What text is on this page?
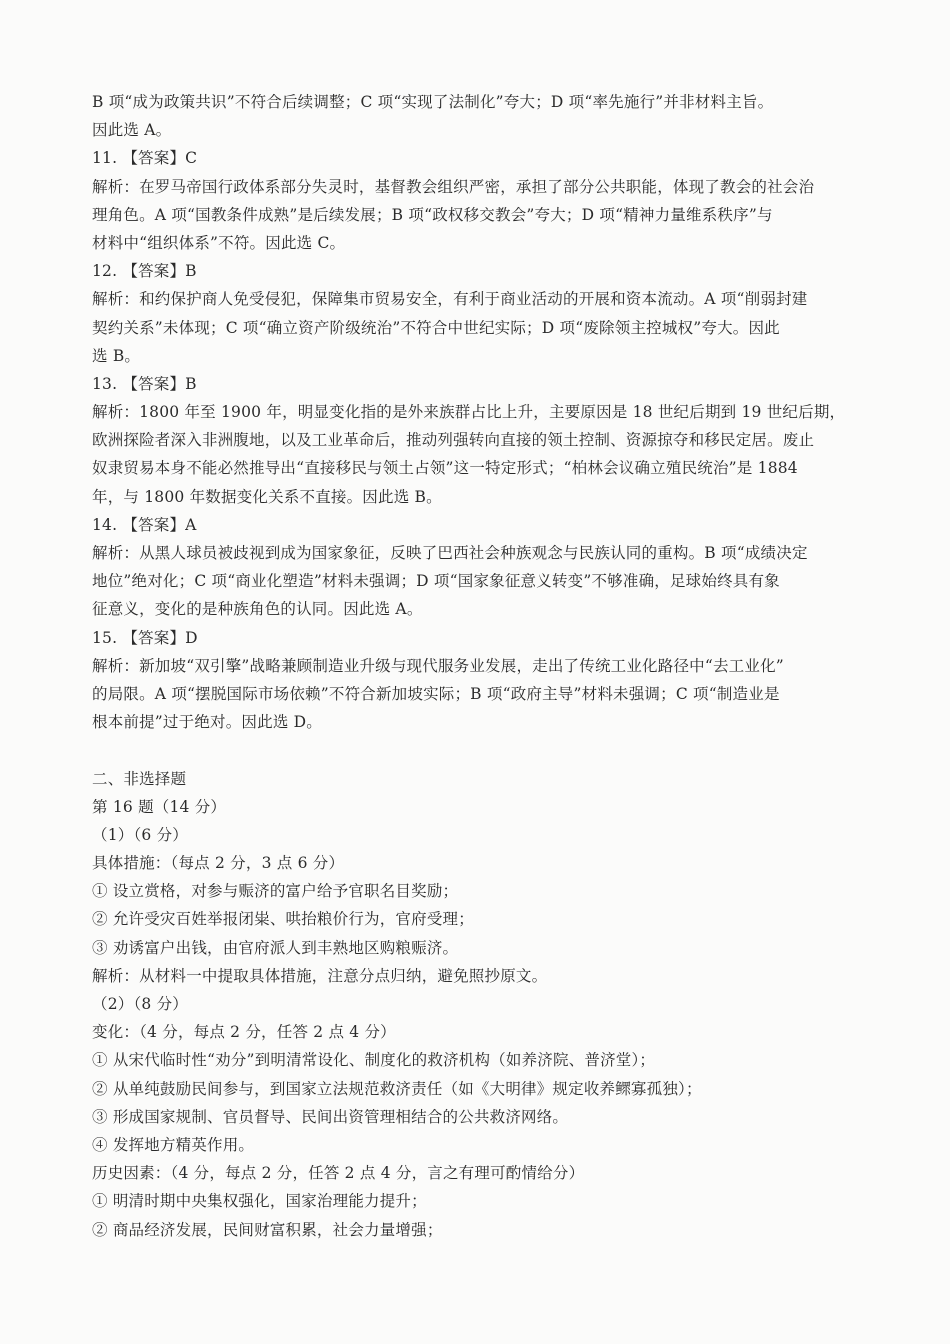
B 项“成为政策共识”不符合后续调整；C 项“实现了法制化”夸大；D 项“率先施行”并非材料主旨。
因此选 A。
11. 【答案】C
解析：在罗马帝国行政体系部分失灵时，基督教会组织严密，承担了部分公共职能，体现了教会的社会治
理角色。A 项“国教条件成熟”是后续发展；B 项“政权移交教会”夸大；D 项“精神力量维系秩序”与
材料中“组织体系”不符。因此选 C。
12. 【答案】B
解析：和约保护商人免受侵犯，保障集市贸易安全，有利于商业活动的开展和资本流动。A 项“削弱封建
契约关系”未体现；C 项“确立资产阶级统治”不符合中世纪实际；D 项“废除领主控城权”夸大。因此
选 B。
13. 【答案】B
解析：1800 年至 1900 年，明显变化指的是外来族群占比上升，主要原因是 18 世纪后期到 19 世纪后期，
欧洲探险者深入非洲腹地，以及工业革命后，推动列强转向直接的领土控制、资源掠夺和移民定居。废止
奴隶贸易本身不能必然推导出“直接移民与领土占领”这一特定形式；“柏林会议确立殖民统治”是 1884
年，与 1800 年数据变化关系不直接。因此选 B。
14. 【答案】A
解析：从黑人球员被歧视到成为国家象征，反映了巴西社会种族观念与民族认同的重构。B 项“成绩决定
地位”绝对化；C 项“商业化塑造”材料未强调；D 项“国家象征意义转变”不够准确，足球始终具有象
征意义，变化的是种族角色的认同。因此选 A。
15. 【答案】D
解析：新加坡“双引擎”战略兼顾制造业升级与现代服务业发展，走出了传统工业化路径中“去工业化”
的局限。A 项“摆脱国际市场依赖”不符合新加坡实际；B 项“政府主导”材料未强调；C 项“制造业是
根本前提”过于绝对。因此选 D。
二、非选择题
第 16 题（14 分）
（1）（6 分）
具体措施：（每点 2 分，3 点 6 分）
① 设立赏格，对参与赈济的富户给予官职名目奖励；
② 允许受灾百姓举报闭粜、哄抬粮价行为，官府受理；
③ 劝诱富户出钱，由官府派人到丰熟地区购粮赈济。
解析：从材料一中提取具体措施，注意分点归纳，避免照抄原文。
（2）（8 分）
变化：（4 分，每点 2 分，任答 2 点 4 分）
① 从宋代临时性“劝分”到明清常设化、制度化的救济机构（如养济院、普济堂）；
② 从单纯鼓励民间参与，到国家立法规范救济责任（如《大明律》规定收养鳏寡孤独）；
③ 形成国家规制、官员督导、民间出资管理相结合的公共救济网络。
④ 发挥地方精英作用。
历史因素：（4 分，每点 2 分，任答 2 点 4 分，言之有理可酌情给分）
① 明清时期中央集权强化，国家治理能力提升；
② 商品经济发展，民间财富积累，社会力量增强；
